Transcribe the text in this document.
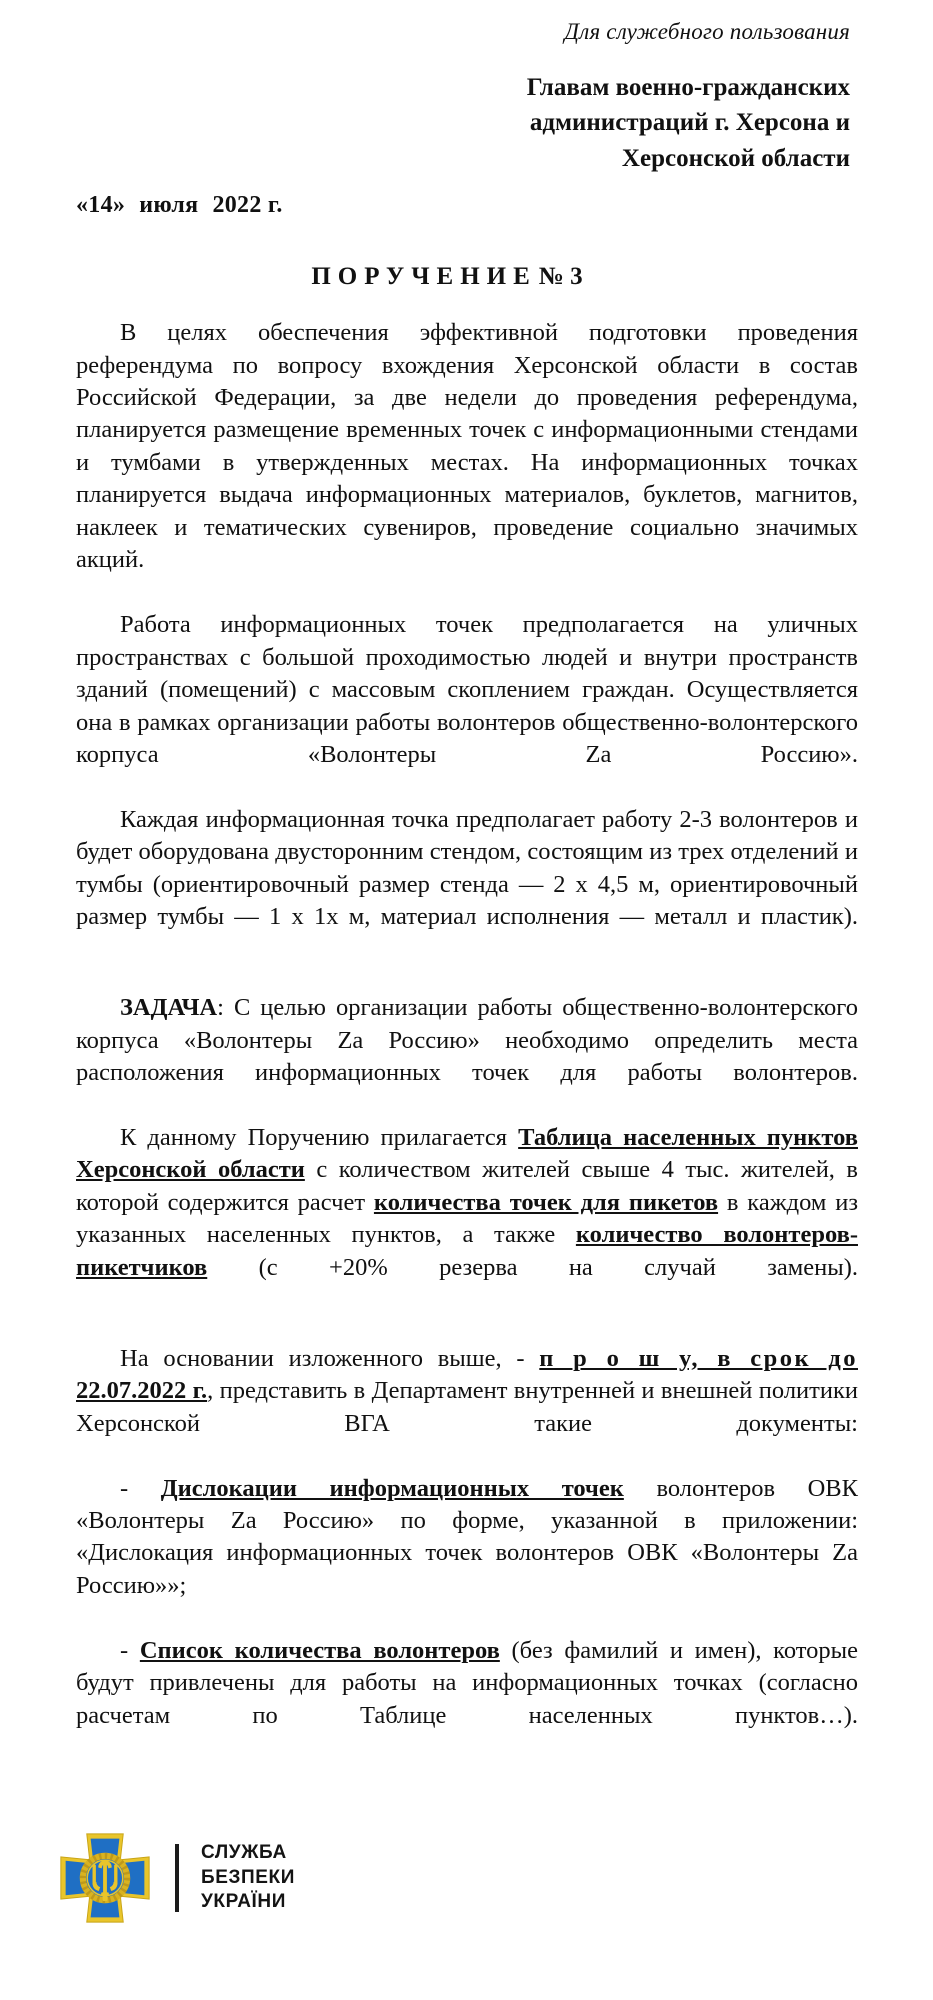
Для служебного пользования
Главам военно-гражданских
администраций г. Херсона и
Херсонской области
«14» июля 2022 г.
ПОРУЧЕНИЕ№ 3

В целях обеспечения эффективной подготовки проведения референдума по вопросу вхождения Херсонской области в состав Российской Федерации, за две недели до проведения референдума, планируется размещение временных точек с информационными стендами и тумбами в утвержденных местах. На информационных точках планируется выдача информационных материалов, буклетов, магнитов, наклеек и тематических сувениров, проведение социально значимых акций.

Работа информационных точек предполагается на уличных пространствах с большой проходимостью людей и внутри пространств зданий (помещений) с массовым скоплением граждан. Осуществляется она в рамках организации работы волонтеров общественно-волонтерского корпуса «Волонтеры Za Россию».

Каждая информационная точка предполагает работу 2-3 волонтеров и будет оборудована двусторонним стендом, состоящим из трех отделений и тумбы (ориентировочный размер стенда — 2 х 4,5 м, ориентировочный размер тумбы — 1 х 1х м, материал исполнения — металл и пластик).

ЗАДАЧА: С целью организации работы общественно-волонтерского корпуса «Волонтеры Za Россию» необходимо определить места расположения информационных точек для работы волонтеров.

К данному Поручению прилагается Таблица населенных пунктов Херсонской области с количеством жителей свыше 4 тыс. жителей, в которой содержится расчет количества точек для пикетов в каждом из указанных населенных пунктов, а также количество волонтеров-пикетчиков (с +20% резерва на случай замены).

На основании изложенного выше, - п р о ш у, в срок до 22.07.2022 г., представить в Департамент внутренней и внешней политики Херсонской ВГА такие документы:

- Дислокации информационных точек волонтеров ОВК «Волонтеры Za Россию» по форме, указанной в приложении: «Дислокация информационных точек волонтеров ОВК «Волонтеры Za Россию»»;

- Список количества волонтеров (без фамилий и имен), которые будут привлечены для работы на информационных точках (согласно расчетам по Таблице населенных пунктов…).

СЛУЖБА
БЕЗПЕКИ
УКРАЇНИ
